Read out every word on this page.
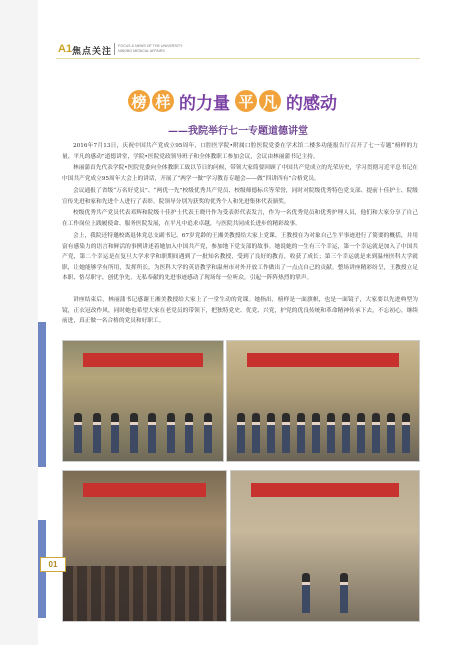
A1 焦点关注
FOCUS & NEWS OF THE UNIVERSITY · NINGBO MEDICAL AFFAIRS
榜 样 的力量 平 凡 的感动
——我院举行七一专题道德讲堂

2016年7月13日，庆祝中国共产党成立95周年，口腔医学院•附属口腔医院党委在学术馆二楼多功能报告厅召开了七一专题“榜样的力量、平凡的感动”道德讲堂，学院•医院党政领导班子和全体教职工参加会议，会议由林丽蒲书记主持。

林丽蒲首先代表学院•医院党委向全体教职工致以节日的问候，带领大家简要回顾了中国共产党成立的光荣历史，学习贯彻习近平总书记在中国共产党成立95周年大会上的讲话，开展了“两学一做”学习教育专题会——做“四讲四有”合格党员。

会议通报了省级“万名好党员”、“两优一先”校级优秀共产党员、校级师德标兵等荣誉，同时对院级优秀特色党支部、提前十佳护士、院级宣传先进和家和先进个人进行了表彰。院领导分别为获奖的优秀个人和先进集体代表颁奖。

校级优秀共产党员代表邓辉和院级十佳护士代表王晓丹作为受表彰代表发言，作为一名优秀党员和优秀护理人员，他们和大家分享了自己在工作岗位上践履使命、服务医院发展，在平凡中追求卓越，与医院共同成长进步的精彩故事。

会上，我院还特邀校离退休党总支副书记、67岁党龄的王湘美教授给大家上党课。王教授在为对象自己生平事迹进行了简要的概括，并用富有感染力的语言和鲜活的事例讲述着她加入中国共产党，参加地下党支部的故事。她说她的一生有三个幸运，第一个幸运就是加入了中国共产党，第二个幸运是在复旦大学求学和职期间遇到了一批知名教授，受到了良好的教育，收获了成长；第三个幸运就是来到温州医科大学就职，让她能够学有所用，发挥所长，为医科大学的英语教学和温州市对外开放工作做出了一点点自己的贡献。整场讲座精彩纷呈，王教授立足本职、恪尽职守、创优争先，无私奉献的先进事迹感动了现场每一位听众，引起一阵阵热烈的掌声。

讲座结束后，林丽蒲书记感谢王湘美教授给大家上了一堂生动的党课。她指出，榜样是一面旗帜，也是一面镜子，大家要以先进典型为镜，正衣冠改作风，同时她也希望大家在老党员的带领下，把独特党史、优党、兴党，护党的优良传统和革命精神传承下去，不忘初心，继续前进，真正做一名合格的党员和好职工。

01
